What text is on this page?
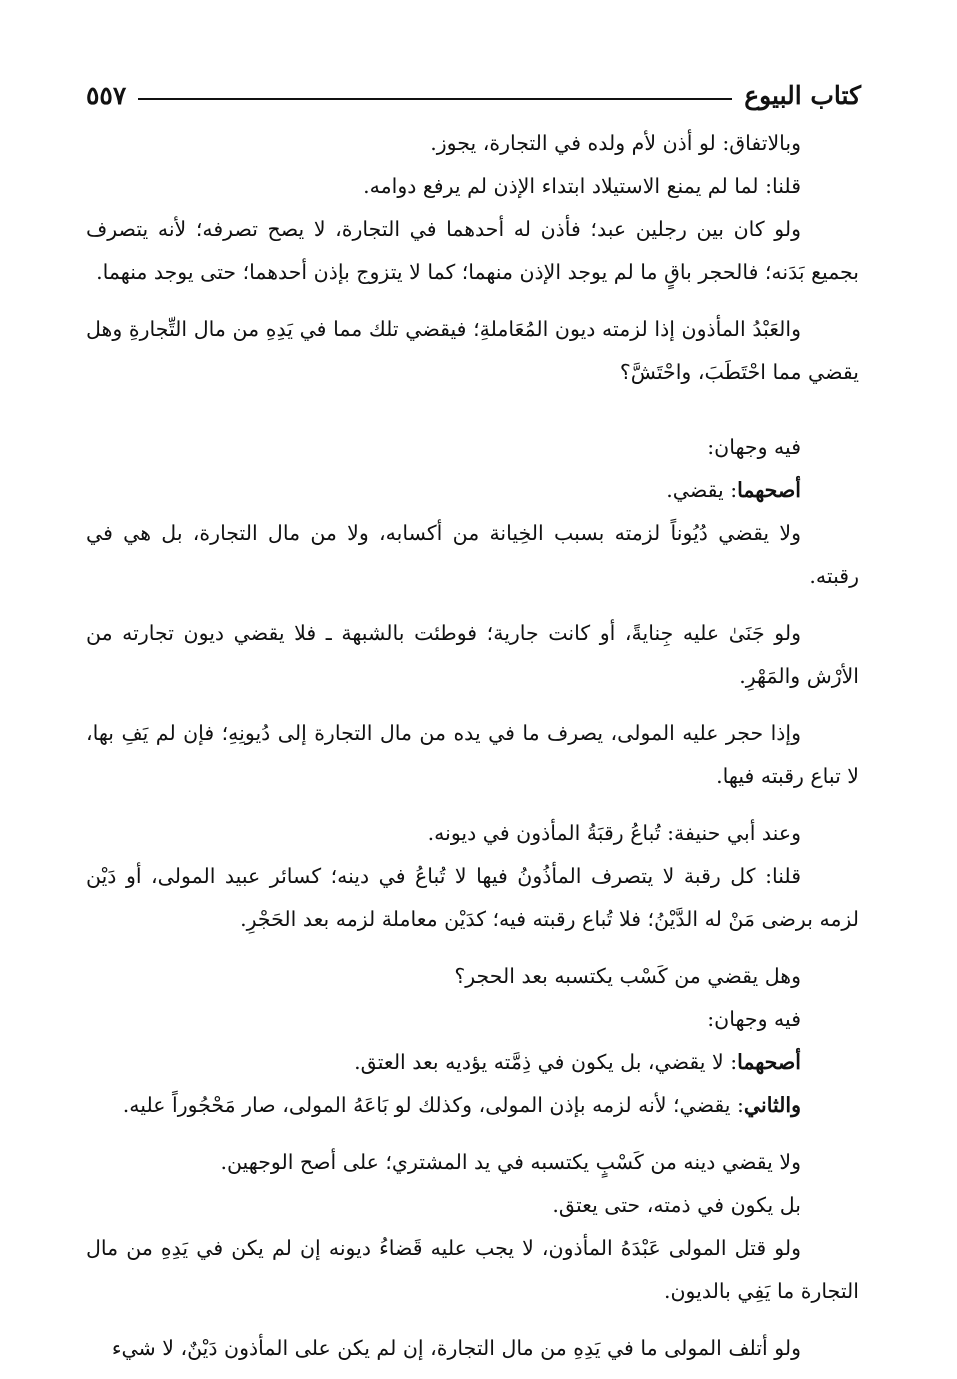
كتاب البيوع
٥٥٧

وبالاتفاق: لو أذن لأم ولده في التجارة، يجوز.

قلنا: لما لم يمنع الاستيلاد ابتداء الإذن لم يرفع دوامه.

ولو كان بين رجلين عبد؛ فأذن له أحدهما في التجارة، لا يصح تصرفه؛ لأنه يتصرف بجميع بَدَنه؛ فالحجر باقٍ ما لم يوجد الإذن منهما؛ كما لا يتزوج بإذن أحدهما؛ حتى يوجد منهما.

والعَبْدُ المأذون إذا لزمته ديون المُعَاملةِ؛ فيقضي تلك مما في يَدِهِ من مال التِّجارةِ وهل يقضي مما احْتَطَبَ، واحْتَشَّ؟

فيه وجهان:

أصحهما: يقضي.

ولا يقضي دُيُوناً لزمته بسبب الخِيانة من أكسابه، ولا من مال التجارة، بل هي في رقبته.

ولو جَنَىٰ عليه جِنايةً، أو كانت جارية؛ فوطئت بالشبهة ـ فلا يقضي ديون تجارته من الأرْش والمَهْرِ.

وإذا حجر عليه المولى، يصرف ما في يده من مال التجارة إلى دُيونِهِ؛ فإن لم يَفِ بها، لا تباع رقبته فيها.

وعند أبي حنيفة: تُباعُ رقبَةُ المأذون في ديونه.

قلنا: كل رقبة لا يتصرف المأذُونُ فيها لا تُباعُ في دينه؛ كسائر عبيد المولى، أو دَيْن لزمه برضى مَنْ له الدَّيْنُ؛ فلا تُباع رقبته فيه؛ كدَيْن معاملة لزمه بعد الحَجْرِ.

وهل يقضي من كَسْب يكتسبه بعد الحجر؟

فيه وجهان:

أصحهما: لا يقضي، بل يكون في ذِمَّته يؤديه بعد العتق.

والثاني: يقضي؛ لأنه لزمه بإذن المولى، وكذلك لو بَاعَهُ المولى، صار مَحْجُوراً عليه.

ولا يقضي دينه من كَسْبٍ يكتسبه في يد المشتري؛ على أصح الوجهين.

بل يكون في ذمته، حتى يعتق.

ولو قتل المولى عَبْدَهُ المأذون، لا يجب عليه قَضاءُ ديونه إن لم يكن في يَدِهِ من مال التجارة ما يَفِي بالديون.

ولو أتلف المولى ما في يَدِهِ من مال التجارة، إن لم يكن على المأذون دَيْنٌ، لا شيء
